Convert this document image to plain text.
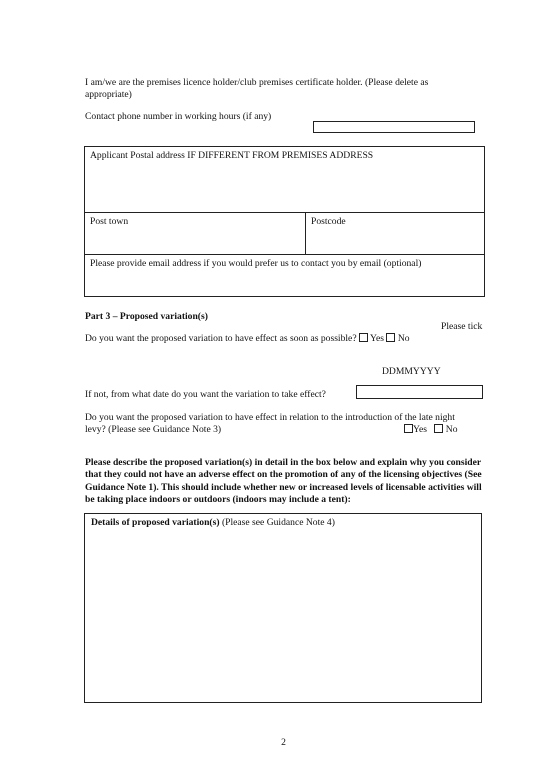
I am/we are the premises licence holder/club premises certificate holder. (Please delete as appropriate)
Contact phone number in working hours (if any)
Applicant Postal address IF DIFFERENT FROM PREMISES ADDRESS
Post town	Postcode
Please provide email address if you would prefer us to contact you by email (optional)
Part 3 – Proposed variation(s)
Please tick
Do you want the proposed variation to have effect as soon as possible? Yes No
DDMMYYYY
If not, from what date do you want the variation to take effect?
Do you want the proposed variation to have effect in relation to the introduction of the late night
levy? (Please see Guidance Note 3)	Yes No
Please describe the proposed variation(s) in detail in the box below and explain why you consider that they could not have an adverse effect on the promotion of any of the licensing objectives (See Guidance Note 1). This should include whether new or increased levels of licensable activities will be taking place indoors or outdoors (indoors may include a tent):
Details of proposed variation(s) (Please see Guidance Note 4)
2
